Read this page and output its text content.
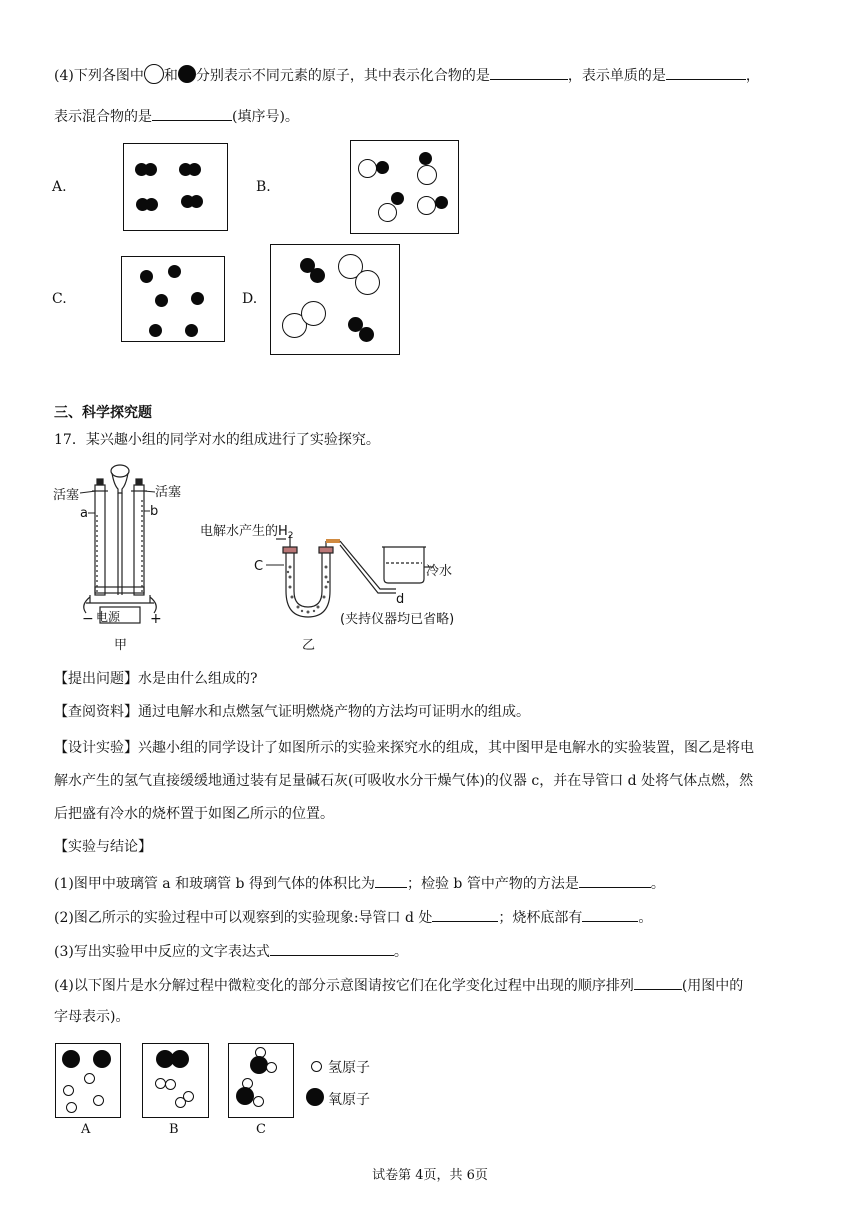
(4)下列各图中 和 分别表示不同元素的原子，其中表示化合物的是	，表示单质的是	，
表示混合物的是	(填序号)。
A.	B.
C.	D.
三、科学探究题
17．某兴趣小组的同学对水的组成进行了实验探究。
电源
−	+
活塞	活塞
a	b
甲
电解水产生的$H_2$
C	冷水
d
(夹持仪器均已省略)
乙
【提出问题】水是由什么组成的?
【查阅资料】通过电解水和点燃氢气证明燃烧产物的方法均可证明水的组成。
【设计实验】兴趣小组的同学设计了如图所示的实验来探究水的组成，其中图甲是电解水的实验装置，图乙是将电
解水产生的氢气直接缓缓地通过装有足量碱石灰(可吸收水分干燥气体)的仪器 c，并在导管口 d 处将气体点燃，然
后把盛有冷水的烧杯置于如图乙所示的位置。
【实验与结论】
(1)图甲中玻璃管 a 和玻璃管 b 得到气体的体积比为 ；检验 b 管中产物的方法是	。
(2)图乙所示的实验过程中可以观察到的实验现象:导管口 d 处	；烧杯底部有	。
(3)写出实验甲中反应的文字表达式	。
(4)以下图片是水分解过程中微粒变化的部分示意图请按它们在化学变化过程中出现的顺序排列	(用图中的
字母表示)。
A	B	C
氢原子
氧原子
试卷第 4页，共 6页
